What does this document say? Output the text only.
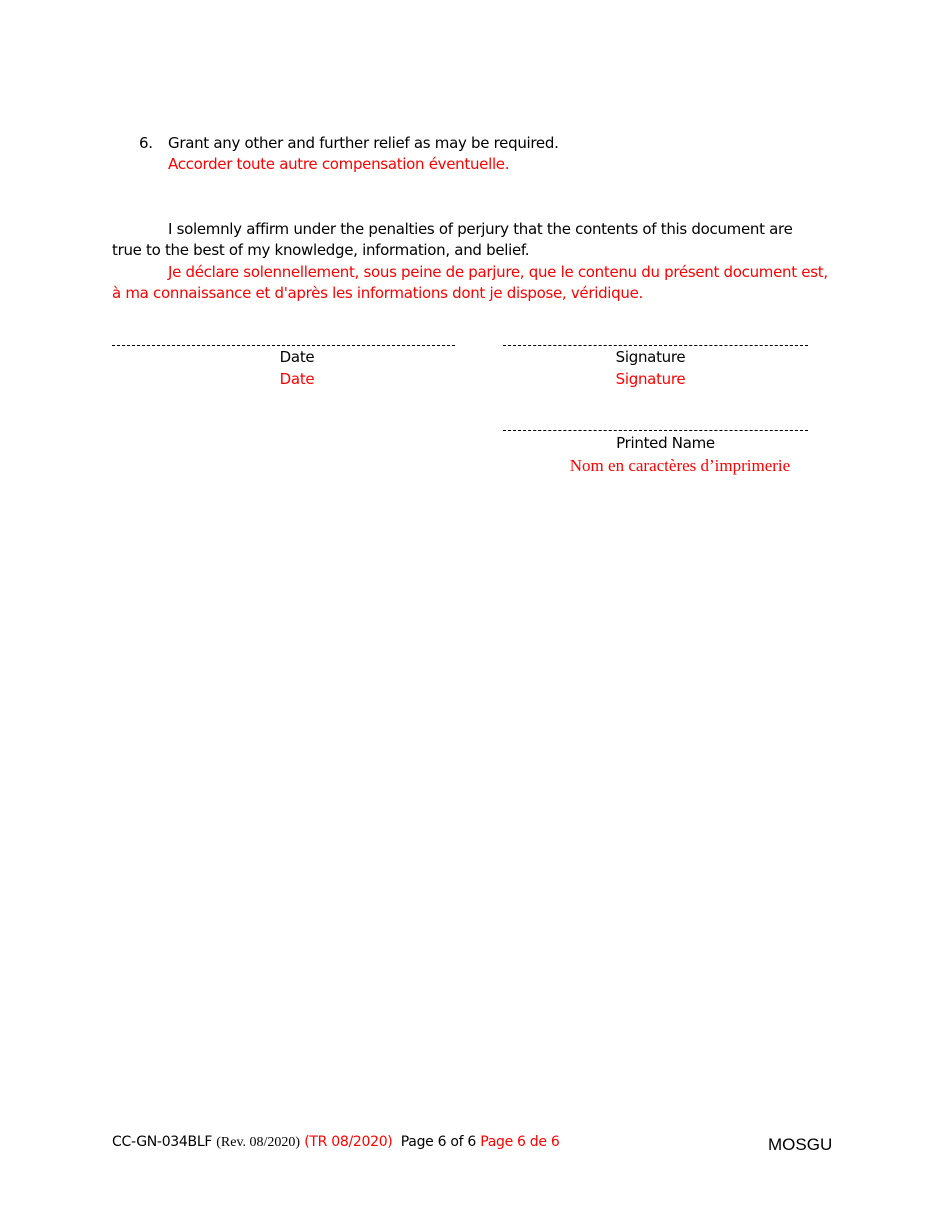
6. Grant any other and further relief as may be required.
Accorder toute autre compensation éventuelle.
I solemnly affirm under the penalties of perjury that the contents of this document are
true to the best of my knowledge, information, and belief.
Je déclare solennellement, sous peine de parjure, que le contenu du présent document est,
à ma connaissance et d'après les informations dont je dispose, véridique.
Date
Date
Signature
Signature
Printed Name
Nom en caractères d’imprimerie
CC-GN-034BLF (Rev. 08/2020) (TR 08/2020) Page 6 of 6 Page 6 de 6	MOSGU
